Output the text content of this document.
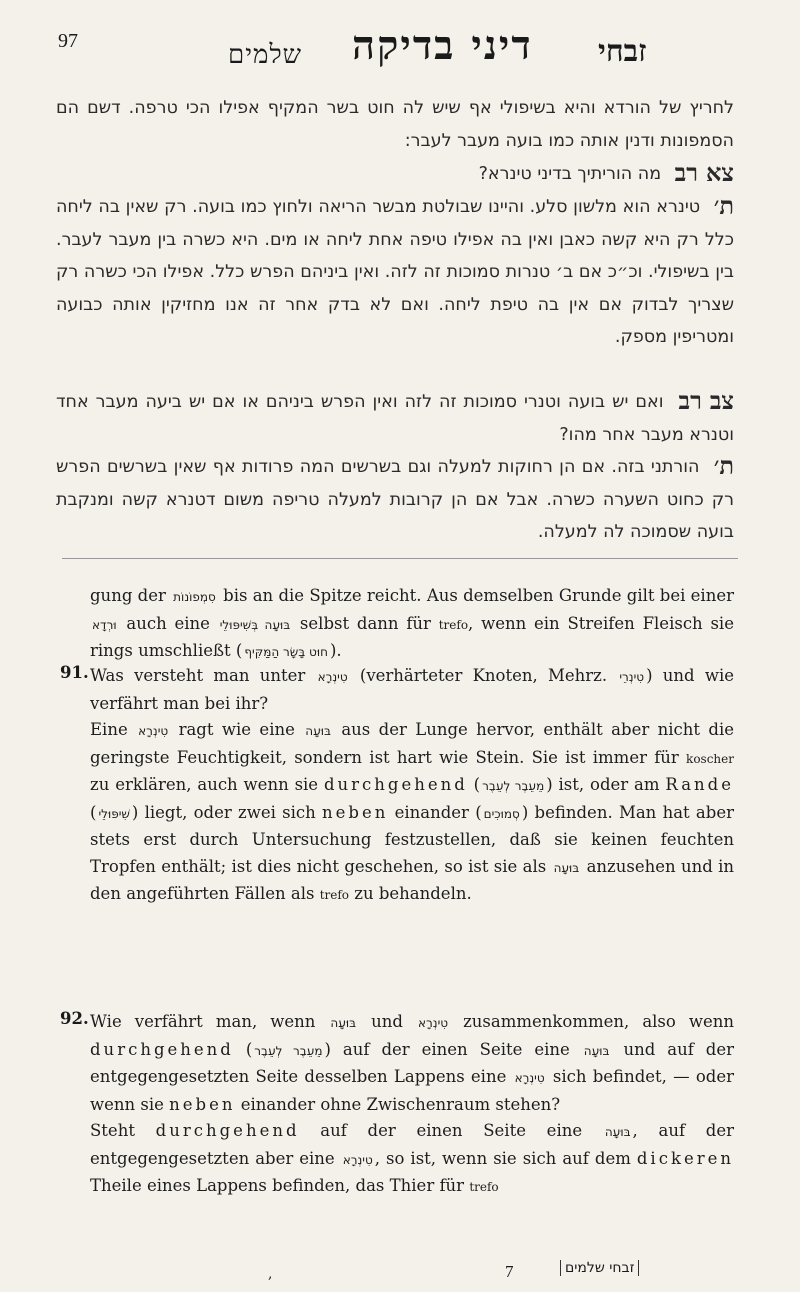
97	שלמים דיני בדיקה זבחי
לחריץ של הורדא והיא בשיפולי אף שיש לה חוט בשר המקיף אפילו הכי טרפה. דשם הם הסמפונות ודנין אותה כמו בועה מעבר לעבר:
צארב מה הוריתיך בדיני טינרא?
ת׳ טינרא הוא מלשון סלע. והיינו שבולטת מבשר הריאה ולחוץ כמו בועה. רק שאין בה ליחה כלל רק היא קשה כאבן ואין בה אפילו טיפה אחת ליחה או מים. היא כשרה בין מעבר לעבר. בין בשיפולי. וכ״כ אם ב׳ טנרות סמוכות זה לזה. ואין ביניהם הפרש כלל. אפילו הכי כשרה רק שצריך לבדוק אם אין בה טיפת ליחה. ואם לא בדק אחר זה אנו מחזיקין אותה כבועה ומטריפין מספק.
צברב ואם יש בועה וטנרי סמוכות זה לזה ואין הפרש ביניהם או אם יש ביעה מעבר אחד וטנרא מעבר אחר מהו?
ת׳ הורתני בזה. אם הן רחוקות למעלה וגם בשרשים המה פרודות אף שאין בשרשים הפרש רק כחוט השערה כשרה. אבל אם הן קרובות למעלה טריפה משום דטנרא קשה ומנקבת בועה שסמוכה לה למעלה.

gung der סִמְפוֹנוֹת bis an die Spitze reicht. Aus demselben Grunde gilt bei einer וּרְדָא auch eine בּוּעָה בְּשִׁיפּוּלֵי selbst dann für trefo, wenn ein Streifen Fleisch sie rings umschließt ( חוּט בָּשָׂר הַמַּקִּיף ).

91. Was versteht man unter טִינְרָא (verhärteter Knoten, Mehrz. טִינְרֵי ) und wie verfährt man bei ihr?

Eine טִינְרָא ragt wie eine בּוּעָה aus der Lunge hervor, enthält aber nicht die geringste Feuchtigkeit, sondern ist hart wie Stein. Sie ist immer für koscher zu erklären, auch wenn sie durchgehend ( מֵעֵבֶר לְעֵבֶר ) ist, oder am Rande ( שִׁיפּוּלֵי ) liegt, oder zwei sich neben einander ( סְמוּכִים ) befinden. Man hat aber stets erst durch Untersuchung festzustellen, daß sie keinen feuchten Tropfen enthält; ist dies nicht geschehen, so ist sie als בּוּעָה anzusehen und in den angeführten Fällen als trefo zu behandeln.

92. Wie verfährt man, wenn בּוּעָה und טִינְרָא zusammenkommen, also wenn durchgehend ( מֵעֵבֶר לְעֵבֶר ) auf der einen Seite eine בּוּעָה und auf der entgegengesetzten Seite desselben Lappens eine טִינְרָא sich befindet, — oder wenn sie neben einander ohne Zwischenraum stehen?

Steht durchgehend auf der einen Seite eine בּוּעָה , auf der entgegengesetzten aber eine טִינְרָא , so ist, wenn sie sich auf dem dickeren Theile eines Lappens befinden, das Thier für trefo

,	7	זבחי שלמים
